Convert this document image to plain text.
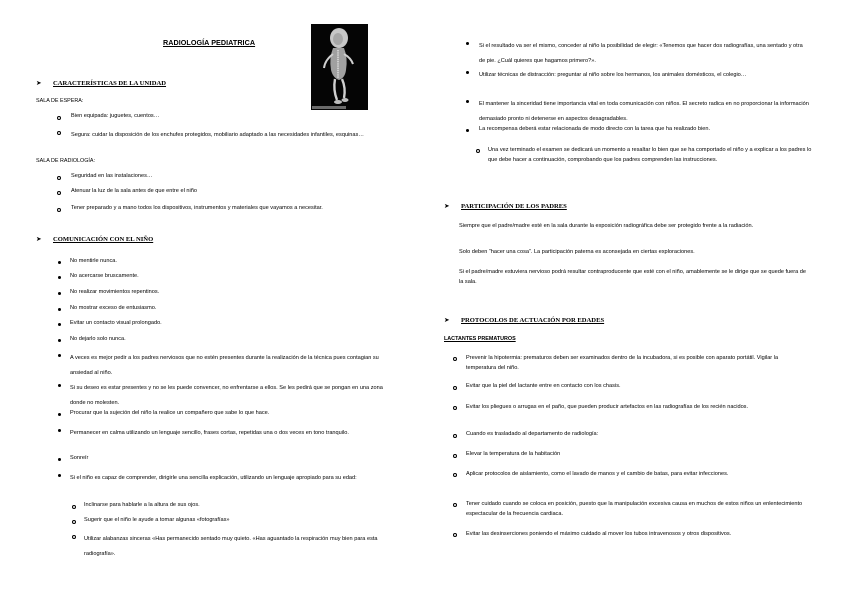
RADIOLOGÍA PEDIATRICA
➤	CARACTERÍSTICAS DE LA UNIDAD
SALA DE ESPERA:
Bien equipada: juguetes, cuentos…
Segura: cuidar la disposición de los enchufes protegidos, mobiliario adaptado a las necesidades infantiles, esquinas…
SALA DE RADIOLOGÍA:
Seguridad en las instalaciones…
Atenuar la luz de la sala antes de que entre el niño
Tener preparado y a mano todos los dispositivos, instrumentos y materiales que vayamos a necesitar.
➤	COMUNICACIÓN CON EL NIÑO
No mentirle nunca.
No acercarse bruscamente.
No realizar movimientos repentinos.
No mostrar exceso de entusiasmo.
Evitar un contacto visual prolongado.
No dejarlo solo nunca.
A veces es mejor pedir a los padres nerviosos que no estén presentes durante la realización de la técnica pues contagian su ansiedad al niño.
Si su deseo es estar presentes y no se les puede convencer, no enfrentarse a ellos. Se les pedirá que se pongan en una zona donde no molesten.
Procurar que la sujeción del niño la realice un compañero que sabe lo que hace.
Permanecer en calma utilizando un lenguaje sencillo, frases cortas, repetidas una o dos veces en tono tranquilo.
Sonreír
Si el niño es capaz de comprender, dirigirle una sencilla explicación, utilizando un lenguaje apropiado para su edad:
Inclinarse para hablarle a la altura de sus ojos.
Sugerir que el niño le ayude a tomar algunas «fotografías»
Utilizar alabanzas sinceras «Has permanecido sentado muy quieto. «Has aguantado la respiración muy bien para esta radiografía».
Si el resultado va ser el mismo, conceder al niño la posibilidad de elegir: «Tenemos que hacer dos radiografías, una sentado y otra de pie. ¿Cuál quieres que hagamos primero?».
Utilizar técnicas de distracción: preguntar al niño sobre los hermanos, los animales domésticos, el colegio…
El mantener la sinceridad tiene importancia vital en toda comunicación con niños. El secreto radica en no proporcionar la información demasiado pronto ni detenerse en aspectos desagradables.
La recompensa deberá estar relacionada de modo directo con la tarea que ha realizado bien.
Una vez terminado el examen se dedicará un momento a resaltar lo bien que se ha comportado el niño y a explicar a los padres lo que debe hacer a continuación, comprobando que los padres comprenden las instrucciones.
➤	PARTICIPACIÓN DE LOS PADRES
Siempre que el padre/madre esté en la sala durante la exposición radiográfica debe ser protegido frente a la radiación.
Solo deben “hacer una cosa”. La participación paterna es aconsejada en ciertas exploraciones.
Si el padre/madre estuviera nervioso podrá resultar contraproducente que esté con el niño, amablemente se le dirige que se quede fuera de la sala.
➤	PROTOCOLOS DE ACTUACIÓN POR EDADES
LACTANTES PREMATUROS
Prevenir la hipotermia: prematuros deben ser examinados dentro de la incubadora, si es posible con aparato portátil. Vigilar la temperatura del niño.
Evitar que la piel del lactante entre en contacto con los chasis.
Evitar los pliegues o arrugas en el paño, que pueden producir artefactos en las radiografías de los recién nacidos.
Cuando es trasladado al departamento de radiología:
Elevar la temperatura de la habitación
Aplicar protocolos de aislamiento, como el lavado de manos y el cambio de batas, para evitar infecciones.
Tener cuidado cuando se coloca en posición, puesto que la manipulación excesiva causa en muchos de estos niños un enlentecimiento espectacular de la frecuencia cardiaca.
Evitar las desinserciones poniendo el máximo cuidado al mover los tubos intravenosos y otros dispositivos.
